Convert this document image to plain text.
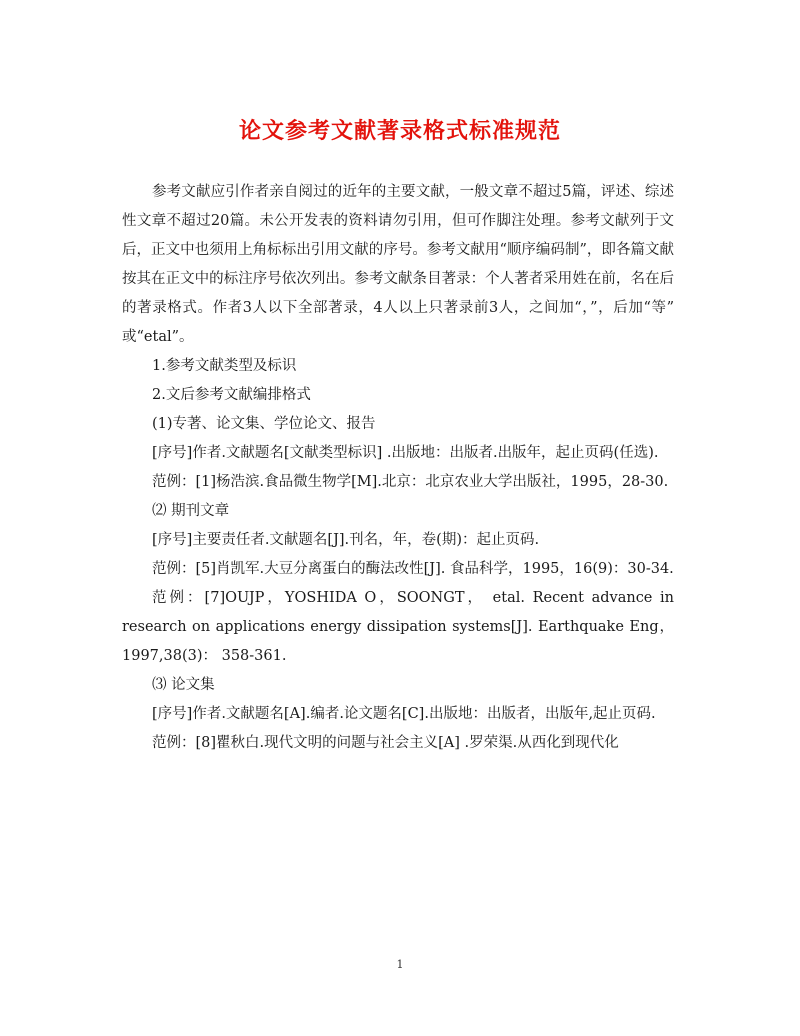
论文参考文献著录格式标准规范

参考文献应引作者亲自阅过的近年的主要文献，一般文章不超过5篇，评述、综述性文章不超过20篇。未公开发表的资料请勿引用，但可作脚注处理。参考文献列于文后，正文中也须用上角标标出引用文献的序号。参考文献用“顺序编码制”，即各篇文献按其在正文中的标注序号依次列出。参考文献条目著录：个人著者采用姓在前，名在后的著录格式。作者3人以下全部著录，4人以上只著录前3人，之间加“，”，后加“等” 或“etal”。

1.参考文献类型及标识

2.文后参考文献编排格式

(1)专著、论文集、学位论文、报告

[序号]作者.文献题名[文献类型标识] .出版地：出版者.出版年，起止页码(任选).

范例：[1]杨浩滨.食品微生物学[M].北京：北京农业大学出版社，1995，28-30.

⑵ 期刊文章

[序号]主要责任者.文献题名[J].刊名，年，卷(期)：起止页码.

范例：[5]肖凯军.大豆分离蛋白的酶法改性[J]. 食品科学，1995，16(9)：30-34.

范例：[7]OUJP，YOSHIDA O，SOONGT， etal. Recent advance in research on applications energy dissipation systems[J]. Earthquake Eng，1997,38(3)： 358-361.

⑶ 论文集

[序号]作者.文献题名[A].编者.论文题名[C].出版地：出版者，出版年,起止页码.

范例：[8]瞿秋白.现代文明的问题与社会主义[A] .罗荣渠.从西化到现代化

1
